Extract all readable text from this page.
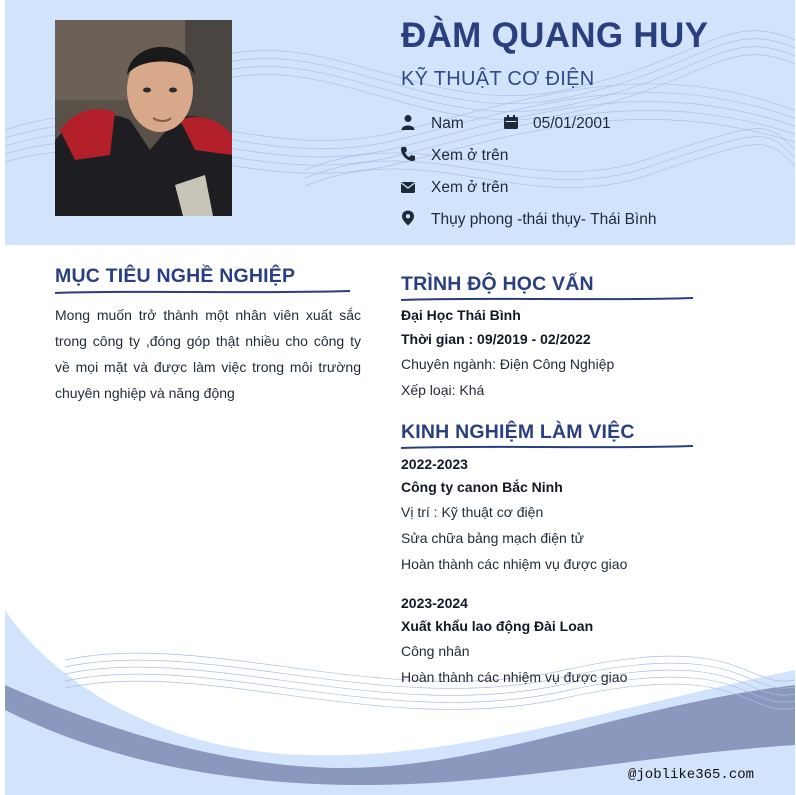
ĐÀM QUANG HUY
KỸ THUẬT CƠ ĐIỆN
Nam	05/01/2001
Xem ở trên
Xem ở trên
Thụy phong -thái thụy- Thái Bình
MỤC TIÊU NGHỀ NGHIỆP
Mong muốn trở thành một nhân viên xuất sắc trong công ty ,đóng góp thật nhiều cho công ty về mọi mặt và được làm việc trong môi trường chuyên nghiệp và năng động
TRÌNH ĐỘ HỌC VẤN
Đại Học Thái Bình
Thời gian : 09/2019 - 02/2022
Chuyên ngành: Điện Công Nghiệp
Xếp loại: Khá
KINH NGHIỆM LÀM VIỆC
2022-2023
Công ty canon Bắc Ninh
Vị trí : Kỹ thuật cơ điện
Sửa chữa bảng mạch điện tử
Hoàn thành các nhiệm vụ được giao
2023-2024
Xuất khẩu lao động Đài Loan
Công nhân
Hoàn thành các nhiệm vụ được giao
@joblike365.com
